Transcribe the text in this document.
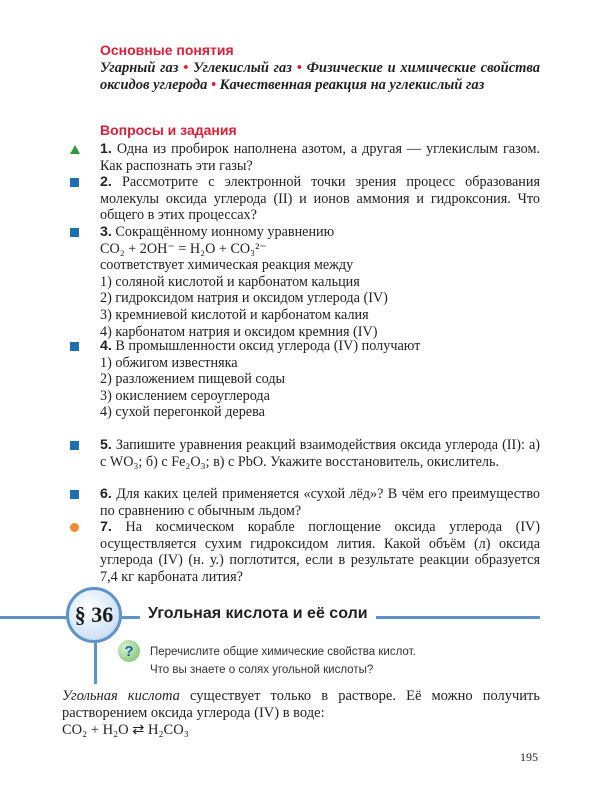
Основные понятия
Угарный газ • Углекислый газ • Физические и химические свойства оксидов углерода • Качественная реакция на углекислый газ
Вопросы и задания
1. Одна из пробирок наполнена азотом, а другая — углекислым газом. Как распознать эти газы?
2. Рассмотрите с электронной точки зрения процесс образования молекулы оксида углерода (II) и ионов аммония и гидроксония. Что общего в этих процессах?
3. Сокращённому ионному уравнению
CO₂ + 2OH⁻ = H₂O + CO₃²⁻
соответствует химическая реакция между
1) соляной кислотой и карбонатом кальция
2) гидроксидом натрия и оксидом углерода (IV)
3) кремниевой кислотой и карбонатом калия
4) карбонатом натрия и оксидом кремния (IV)
4. В промышленности оксид углерода (IV) получают
1) обжигом известняка
2) разложением пищевой соды
3) окислением сероуглерода
4) сухой перегонкой дерева
5. Запишите уравнения реакций взаимодействия оксида углерода (II): а) с WO₃; б) с Fe₂O₃; в) с PbO. Укажите восстановитель, окислитель.
6. Для каких целей применяется «сухой лёд»? В чём его преимущество по сравнению с обычным льдом?
7. На космическом корабле поглощение оксида углерода (IV) осуществляется сухим гидроксидом лития. Какой объём (л) оксида углерода (IV) (н. у.) поглотится, если в результате реакции образуется 7,4 кг карбоната лития?
§ 36	Угольная кислота и её соли
?	Перечислите общие химические свойства кислот.
Что вы знаете о солях угольной кислоты?
Угольная кислота существует только в растворе. Её можно получить растворением оксида углерода (IV) в воде:
CO₂ + H₂O ⇄ H₂CO₃
195
